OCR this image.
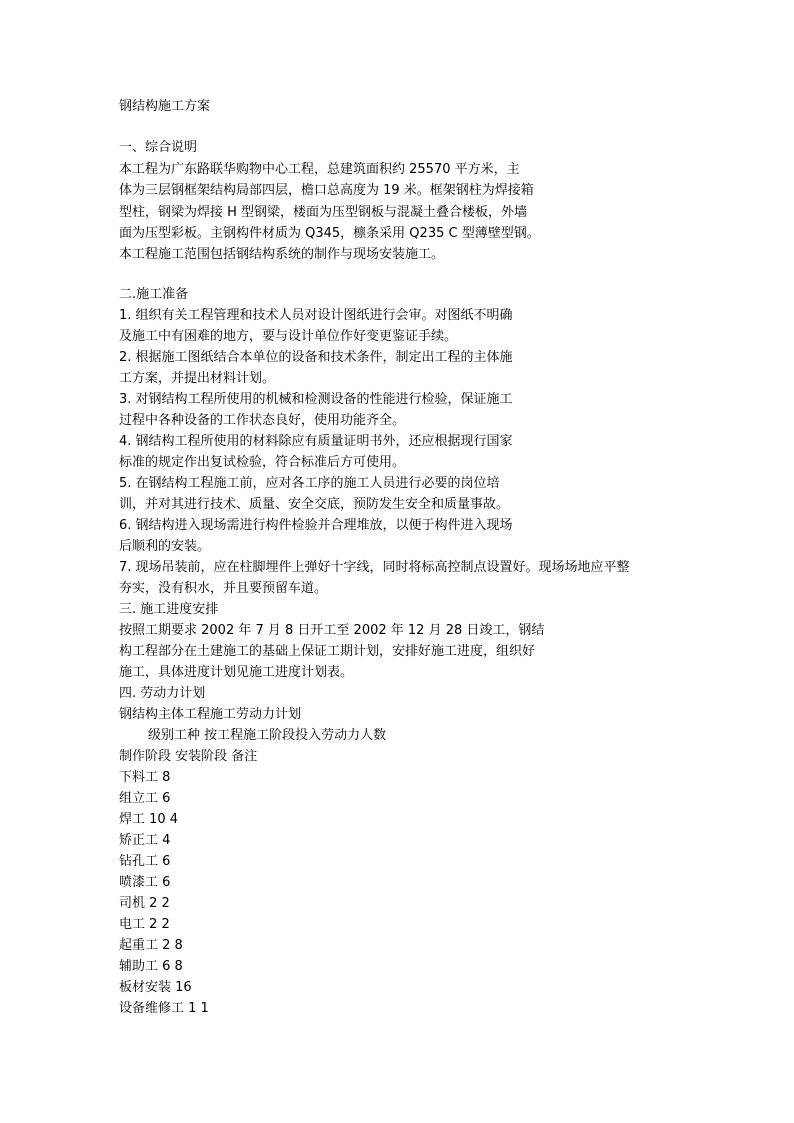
钢结构施工方案
一、综合说明
本工程为广东路联华购物中心工程，总建筑面积约 25570 平方米，主
体为三层钢框架结构局部四层，檐口总高度为 19 米。框架钢柱为焊接箱
型柱，钢梁为焊接 H 型钢梁，楼面为压型钢板与混凝土叠合楼板，外墙
面为压型彩板。主钢构件材质为 Q345，檩条采用 Q235 C 型薄壁型钢。
本工程施工范围包括钢结构系统的制作与现场安装施工。
二.施工准备
1. 组织有关工程管理和技术人员对设计图纸进行会审。对图纸不明确
及施工中有困难的地方，要与设计单位作好变更鉴证手续。
2. 根据施工图纸结合本单位的设备和技术条件，制定出工程的主体施
工方案，并提出材料计划。
3. 对钢结构工程所使用的机械和检测设备的性能进行检验，保证施工
过程中各种设备的工作状态良好，使用功能齐全。
4. 钢结构工程所使用的材料除应有质量证明书外，还应根据现行国家
标准的规定作出复试检验，符合标准后方可使用。
5. 在钢结构工程施工前，应对各工序的施工人员进行必要的岗位培
训，并对其进行技术、质量、安全交底，预防发生安全和质量事故。
6. 钢结构进入现场需进行构件检验并合理堆放，以便于构件进入现场
后顺利的安装。
7. 现场吊装前，应在柱脚埋件上弹好十字线，同时将标高控制点设置好。现场场地应平整
夯实，没有积水，并且要预留车道。
三. 施工进度安排
按照工期要求 2002 年 7 月 8 日开工至 2002 年 12 月 28 日竣工，钢结
构工程部分在土建施工的基础上保证工期计划，安排好施工进度，组织好
施工，具体进度计划见施工进度计划表。
四. 劳动力计划
钢结构主体工程施工劳动力计划
级别工种 按工程施工阶段投入劳动力人数
制作阶段 安装阶段 备注
下料工 8
组立工 6
焊工 10 4
矫正工 4
钻孔工 6
喷漆工 6
司机 2 2
电工 2 2
起重工 2 8
辅助工 6 8
板材安装 16
设备维修工 1 1
